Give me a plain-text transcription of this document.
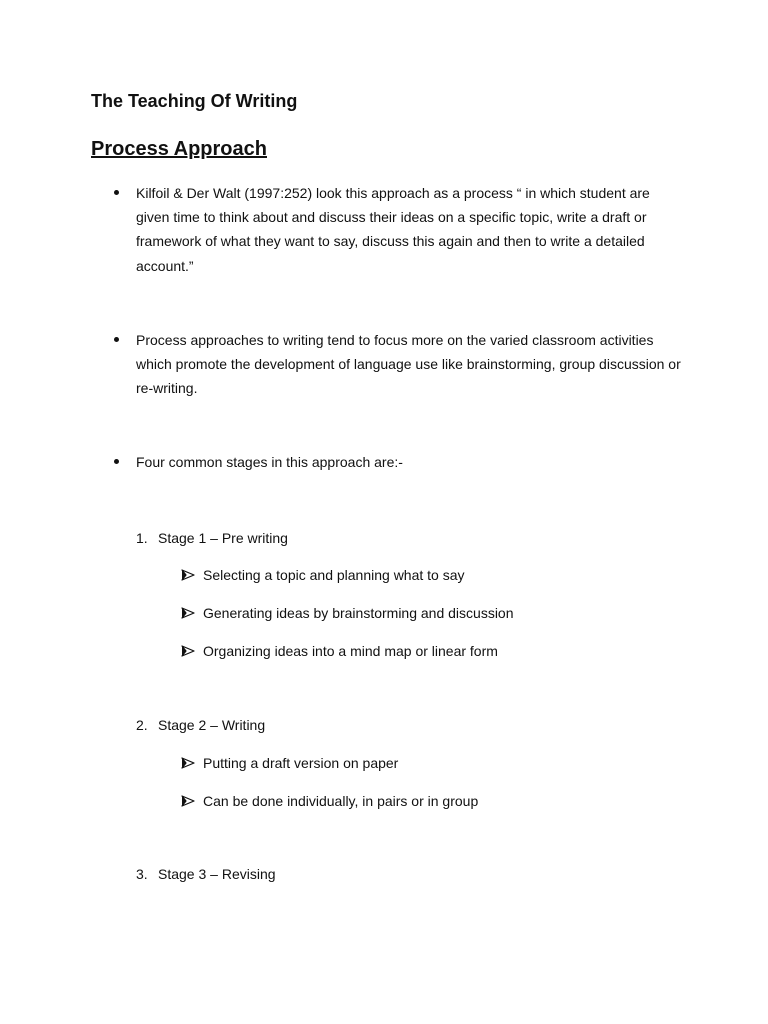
The Teaching Of Writing
Process Approach

Kilfoil & Der Walt (1997:252) look this approach as a process “ in which student are
given time to think about and discuss their ideas on a specific topic, write a draft or
framework of what they want to say, discuss this again and then to write a detailed
account.”

Process approaches to writing tend to focus more on the varied classroom activities
which promote the development of language use like brainstorming, group discussion or
re-writing.

Four common stages in this approach are:-

1. Stage 1 – Pre writing

Selecting a topic and planning what to say

Generating ideas by brainstorming and discussion

Organizing ideas into a mind map or linear form

2. Stage 2 – Writing

Putting a draft version on paper

Can be done individually, in pairs or in group

3. Stage 3 – Revising
